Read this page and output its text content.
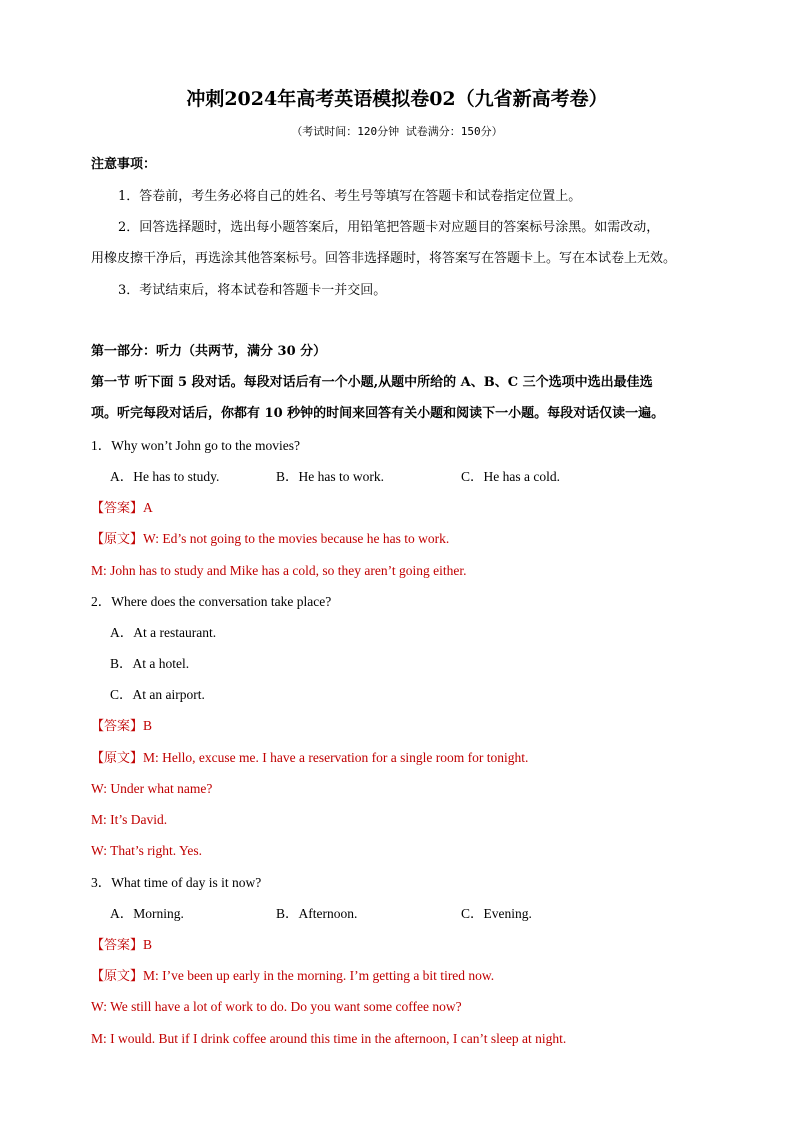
冲刺2024年高考英语模拟卷02（九省新高考卷）
（考试时间：120分钟 试卷满分：150分）
注意事项：
1．答卷前，考生务必将自己的姓名、考生号等填写在答题卡和试卷指定位置上。
2．回答选择题时，选出每小题答案后，用铅笔把答题卡对应题目的答案标号涂黑。如需改动，
用橡皮擦干净后，再选涂其他答案标号。回答非选择题时，将答案写在答题卡上。写在本试卷上无效。
3．考试结束后，将本试卷和答题卡一并交回。
第一部分：听力（共两节，满分 30 分）
第一节 听下面 5 段对话。每段对话后有一个小题,从题中所给的 A、B、C 三个选项中选出最佳选
项。听完每段对话后，你都有 10 秒钟的时间来回答有关小题和阅读下一小题。每段对话仅读一遍。
1．Why won’t John go to the movies?
A．He has to study.	B．He has to work.	C．He has a cold.
【答案】A
【原文】W: Ed’s not going to the movies because he has to work.
M: John has to study and Mike has a cold, so they aren’t going either.
2．Where does the conversation take place?
A．At a restaurant.
B．At a hotel.
C．At an airport.
【答案】B
【原文】M: Hello, excuse me. I have a reservation for a single room for tonight.
W: Under what name?
M: It’s David.
W: That’s right. Yes.
3．What time of day is it now?
A．Morning.	B．Afternoon.	C．Evening.
【答案】B
【原文】M: I’ve been up early in the morning. I’m getting a bit tired now.
W: We still have a lot of work to do. Do you want some coffee now?
M: I would. But if I drink coffee around this time in the afternoon, I can’t sleep at night.
